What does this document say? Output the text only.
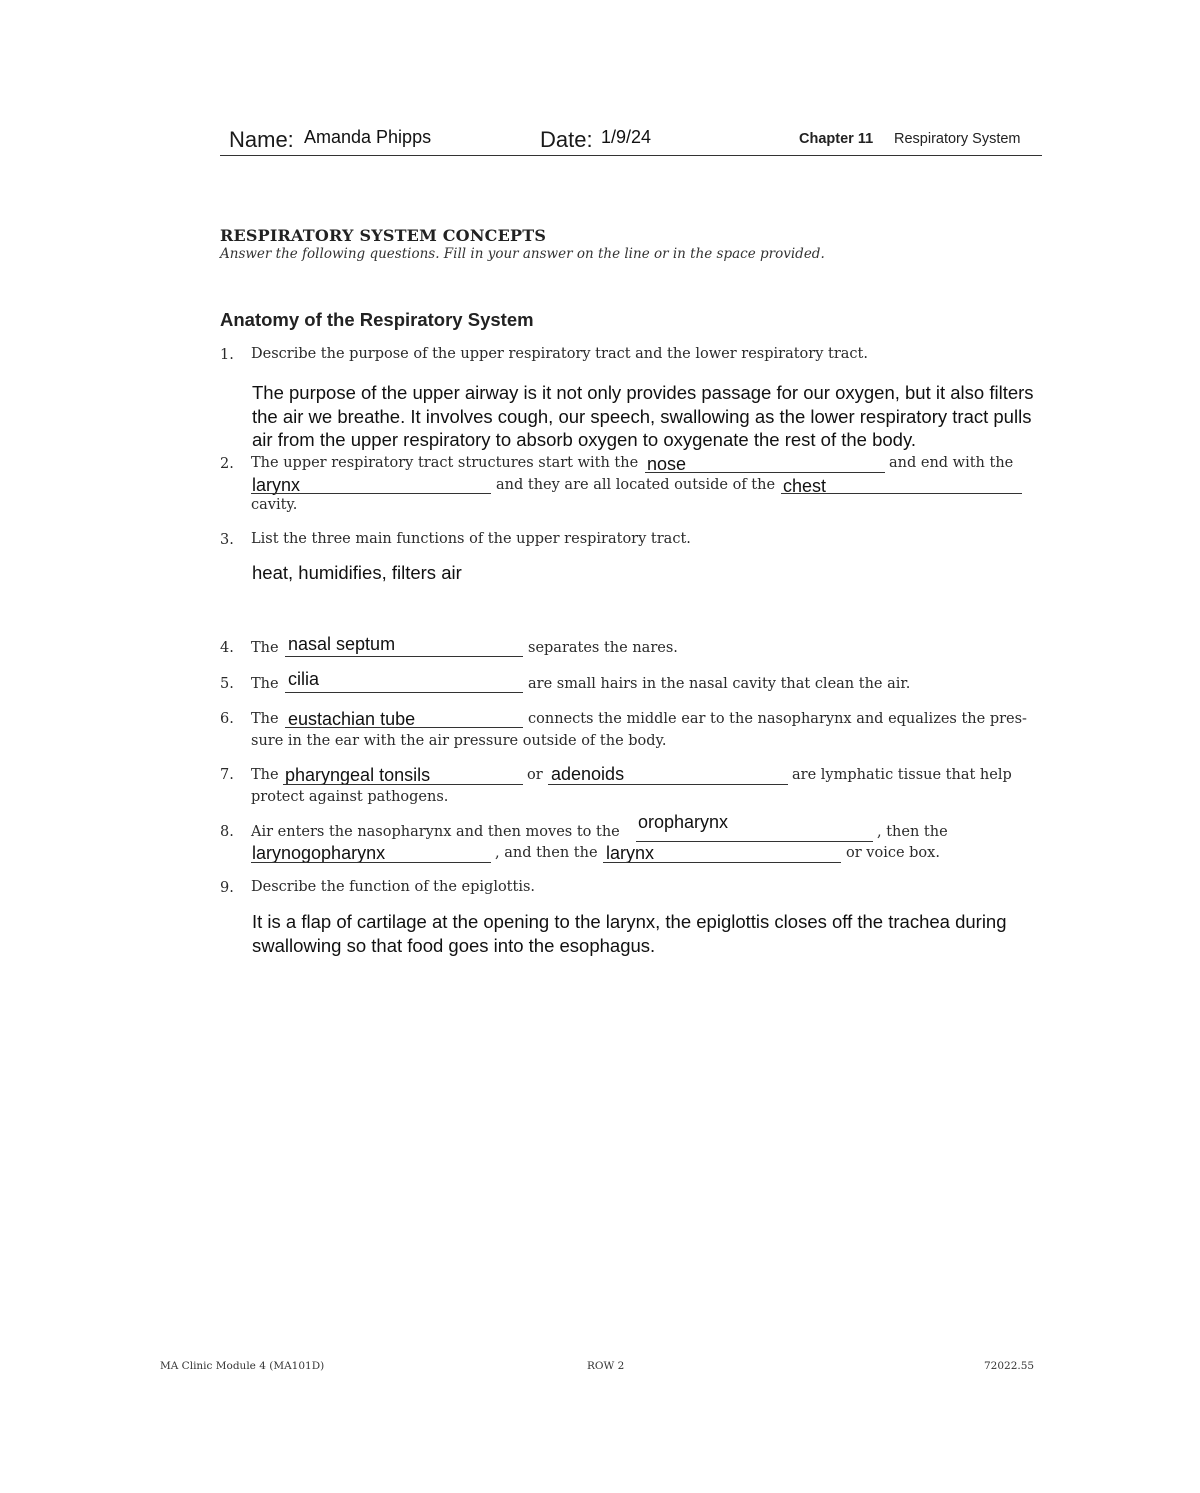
Name: Amanda Phipps	Date: 1/9/24	Chapter 11 Respiratory System
RESPIRATORY SYSTEM CONCEPTS
Answer the following questions. Fill in your answer on the line or in the space provided.
Anatomy of the Respiratory System
1. Describe the purpose of the upper respiratory tract and the lower respiratory tract.
The purpose of the upper airway is it not only provides passage for our oxygen, but it also filters
the air we breathe. It involves cough, our speech, swallowing as the lower respiratory tract pulls
air from the upper respiratory to absorb oxygen to oxygenate the rest of the body.
2. The upper respiratory tract structures start with the nose	and end with the
larynx	and they are all located outside of the chest
cavity.
3. List the three main functions of the upper respiratory tract.
heat, humidifies, filters air
4. The nasal septum	separates the nares.
5. The cilia	are small hairs in the nasal cavity that clean the air.
6. The eustachian tube	connects the middle ear to the nasopharynx and equalizes the pres-
sure in the ear with the air pressure outside of the body.
7. The pharyngeal tonsils	or adenoids	are lymphatic tissue that help
protect against pathogens.
8. Air enters the nasopharynx and then moves to the oropharynx	, then the
larynogopharynx	, and then the larynx	or voice box.
9. Describe the function of the epiglottis.
It is a flap of cartilage at the opening to the larynx, the epiglottis closes off the trachea during
swallowing so that food goes into the esophagus.
MA Clinic Module 4 (MA101D)	ROW 2	72022.55
